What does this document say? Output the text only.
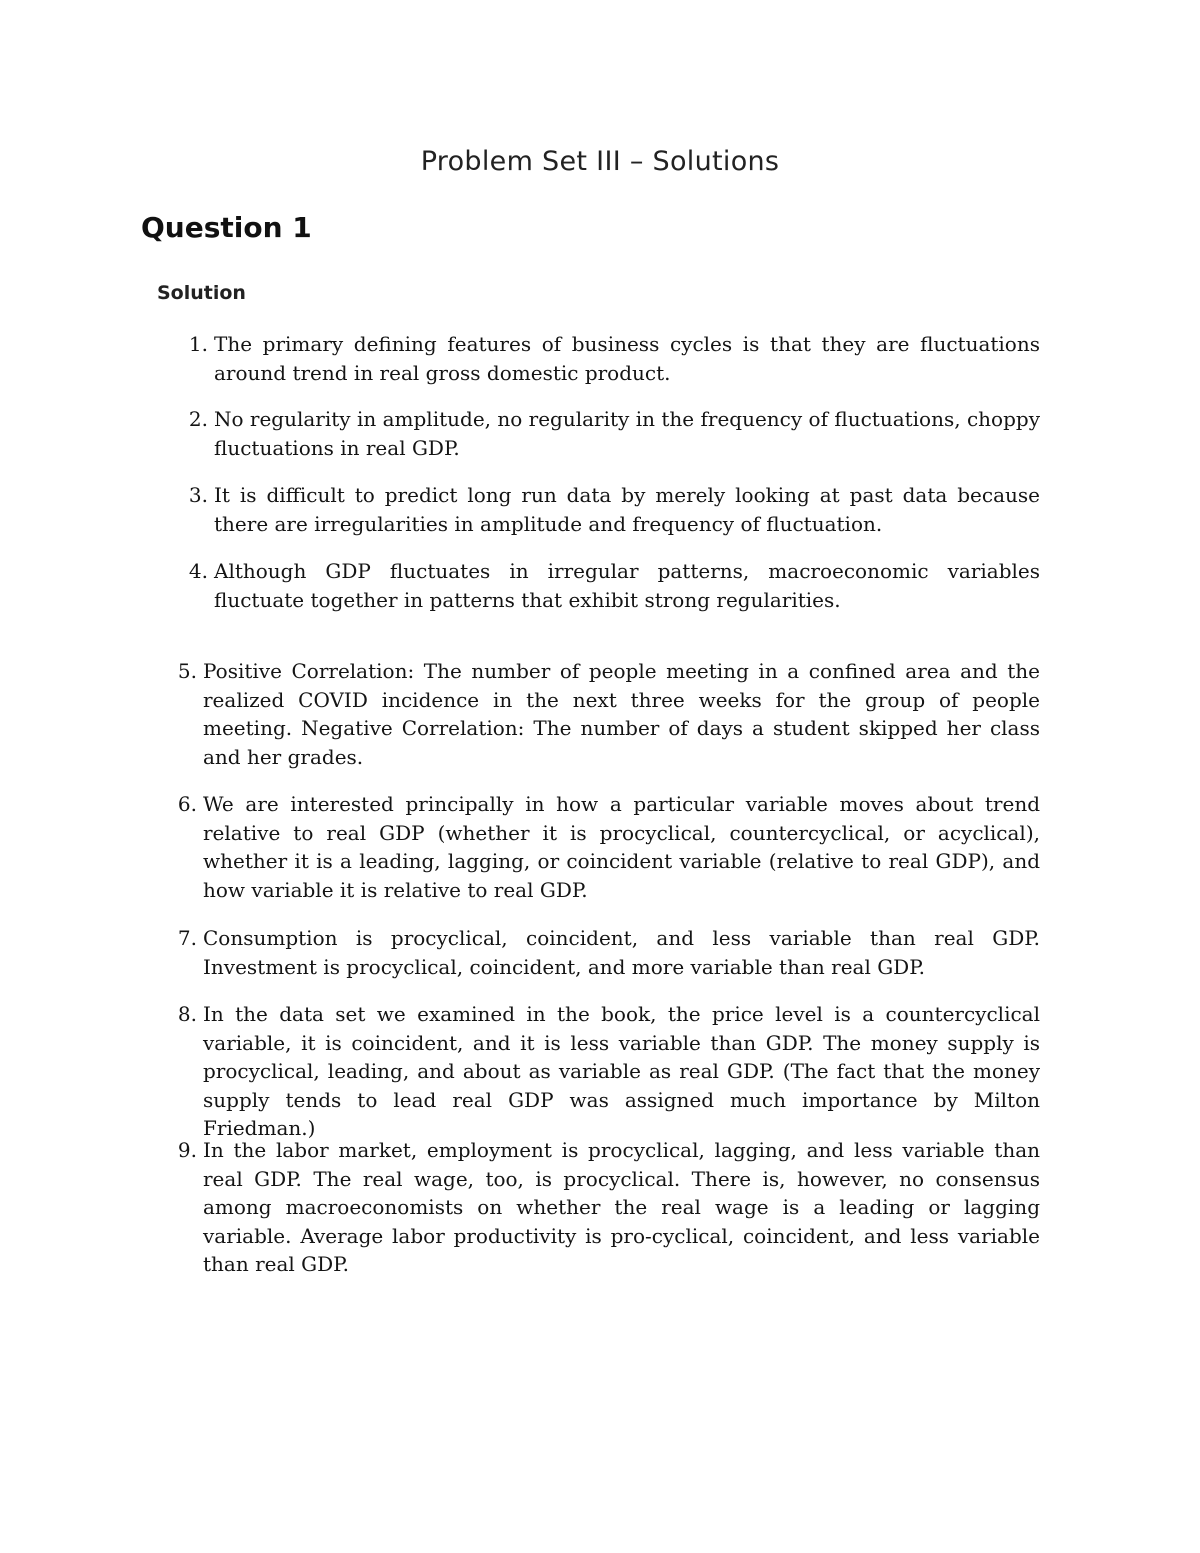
Problem Set III – Solutions
Question 1
Solution
1. The primary defining features of business cycles is that they are fluctuations around trend in real gross domestic product.
2. No regularity in amplitude, no regularity in the frequency of fluctuations, choppy fluctuations in real GDP.
3. It is difficult to predict long run data by merely looking at past data because there are irregularities in amplitude and frequency of fluctuation.
4. Although GDP fluctuates in irregular patterns, macroeconomic variables fluctuate together in patterns that exhibit strong regularities.
5. Positive Correlation: The number of people meeting in a confined area and the realized COVID incidence in the next three weeks for the group of people meeting. Negative Correlation: The number of days a student skipped her class and her grades.
6. We are interested principally in how a particular variable moves about trend relative to real GDP (whether it is procyclical, countercyclical, or acyclical), whether it is a leading, lagging, or coincident variable (relative to real GDP), and how variable it is relative to real GDP.
7. Consumption is procyclical, coincident, and less variable than real GDP. Investment is procyclical, coincident, and more variable than real GDP.
8. In the data set we examined in the book, the price level is a countercyclical variable, it is coincident, and it is less variable than GDP. The money supply is procyclical, leading, and about as variable as real GDP. (The fact that the money supply tends to lead real GDP was assigned much importance by Milton Friedman.)
9. In the labor market, employment is procyclical, lagging, and less variable than real GDP. The real wage, too, is procyclical. There is, however, no consensus among macroeconomists on whether the real wage is a leading or lagging variable. Average labor productivity is pro-cyclical, coincident, and less variable than real GDP.
